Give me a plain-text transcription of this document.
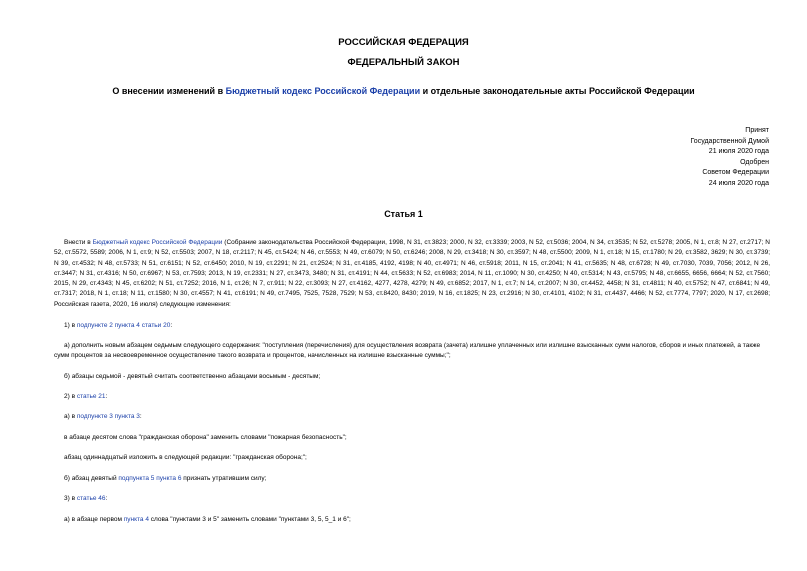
РОССИЙСКАЯ ФЕДЕРАЦИЯ
ФЕДЕРАЛЬНЫЙ ЗАКОН
О внесении изменений в Бюджетный кодекс Российской Федерации и отдельные законодательные акты Российской Федерации
Принят
Государственной Думой
21 июля 2020 года
Одобрен
Советом Федерации
24 июля 2020 года
Статья 1
Внести в Бюджетный кодекс Российской Федерации (Собрание законодательства Российской Федерации, 1998, N 31, ст.3823; 2000, N 32, ст.3339; 2003, N 52, ст.5036; 2004, N 34, ст.3535; N 52, ст.5278; 2005, N 1, ст.8; N 27, ст.2717; N 52, ст.5572, 5589; 2006, N 1, ст.9; N 52, ст.5503; 2007, N 18, ст.2117; N 45, ст.5424; N 46, ст.5553; N 49, ст.6079; N 50, ст.6246; 2008, N 29, ст.3418; N 30, ст.3597; N 48, ст.5500; 2009, N 1, ст.18; N 15, ст.1780; N 29, ст.3582, 3629; N 30, ст.3739; N 39, ст.4532; N 48, ст.5733; N 51, ст.6151; N 52, ст.6450; 2010, N 19, ст.2291; N 21, ст.2524; N 31, ст.4185, 4192, 4198; N 40, ст.4971; N 46, ст.5918; 2011, N 15, ст.2041; N 41, ст.5635; N 48, ст.6728; N 49, ст.7030, 7039, 7056; 2012, N 26, ст.3447; N 31, ст.4316; N 50, ст.6967; N 53, ст.7593; 2013, N 19, ст.2331; N 27, ст.3473, 3480; N 31, ст.4191; N 44, ст.5633; N 52, ст.6983; 2014, N 11, ст.1090; N 30, ст.4250; N 40, ст.5314; N 43, ст.5795; N 48, ст.6655, 6656, 6664; N 52, ст.7560; 2015, N 29, ст.4343; N 45, ст.6202; N 51, ст.7252; 2016, N 1, ст.26; N 7, ст.911; N 22, ст.3093; N 27, ст.4162, 4277, 4278, 4279; N 49, ст.6852; 2017, N 1, ст.7; N 14, ст.2007; N 30, ст.4452, 4458; N 31, ст.4811; N 40, ст.5752; N 47, ст.6841; N 49, ст.7317; 2018, N 1, ст.18; N 11, ст.1580; N 30, ст.4557; N 41, ст.6191; N 49, ст.7495, 7525, 7528, 7529; N 53, ст.8420, 8430; 2019, N 16, ст.1825; N 23, ст.2916; N 30, ст.4101, 4102; N 31, ст.4437, 4466; N 52, ст.7774, 7797; 2020, N 17, ст.2698; Российская газета, 2020, 16 июля) следующие изменения:
1) в подпункте 2 пункта 4 статьи 20:
а) дополнить новым абзацем седьмым следующего содержания: "поступления (перечисления) для осуществления возврата (зачета) излишне уплаченных или излишне взысканных сумм налогов, сборов и иных платежей, а также сумм процентов за несвоевременное осуществление такого возврата и процентов, начисленных на излишне взысканные суммы;";
б) абзацы седьмой - девятый считать соответственно абзацами восьмым - десятым;
2) в статье 21:
а) в подпункте 3 пункта 3:
в абзаце десятом слова "гражданская оборона" заменить словами "пожарная безопасность";
абзац одиннадцатый изложить в следующей редакции: "гражданская оборона;";
б) абзац девятый подпункта 5 пункта 6 признать утратившим силу;
3) в статье 46:
а) в абзаце первом пункта 4 слова "пунктами 3 и 5" заменить словами "пунктами 3, 5, 5_1 и 6";
